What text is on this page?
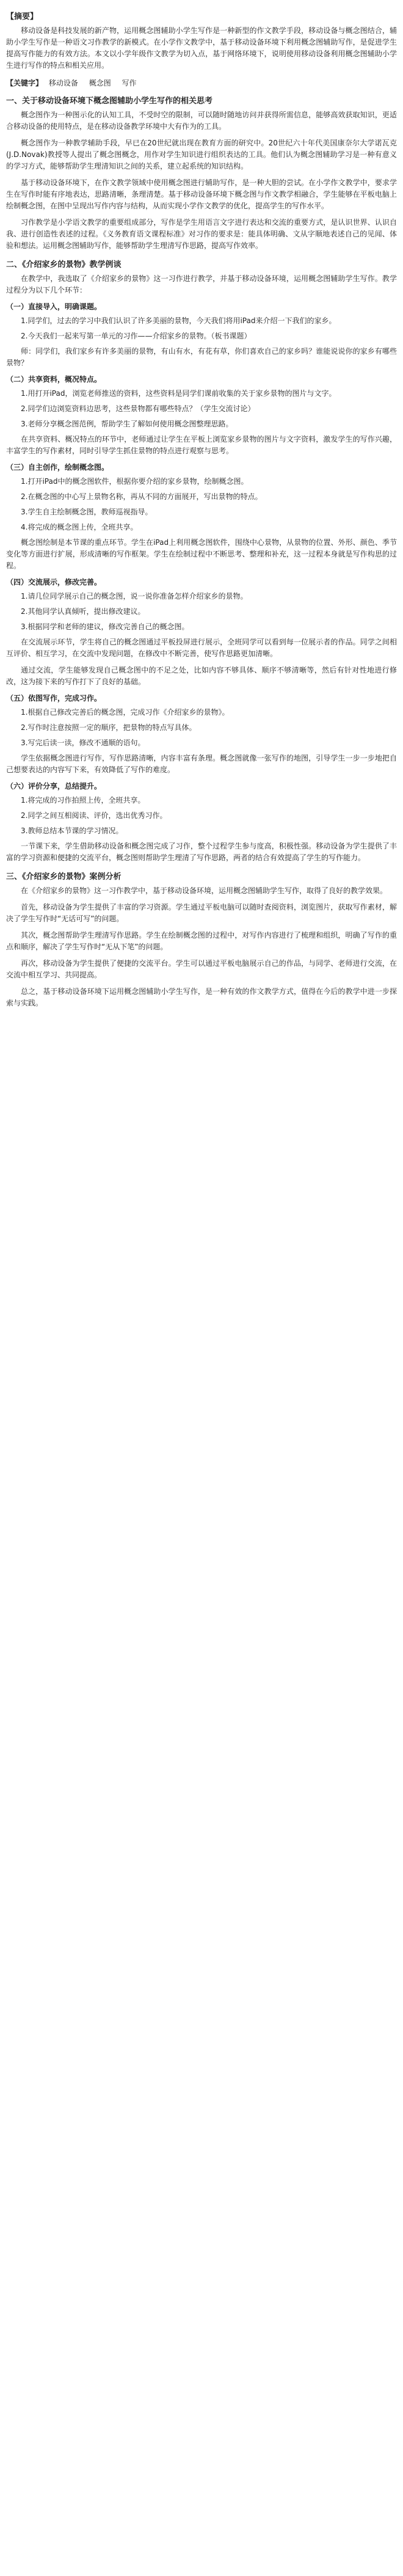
【摘要】

移动设备是科技发展的新产物，运用概念图辅助小学生写作是一种新型的作文教学手段，移动设备与概念图结合，辅助小学生写作是一种语文习作教学的新模式。在小学作文教学中，基于移动设备环境下利用概念图辅助写作，是促进学生提高写作能力的有效方法。本文以小学年级作文教学为切入点，基于网络环境下，说明使用移动设备利用概念图辅助小学生进行写作的特点和相关应用。

【关键字】 移动设备 概念图 写作
一、关于移动设备环境下概念图辅助小学生写作的相关思考

概念图作为一种图示化的认知工具，不受时空的限制，可以随时随地访问并获得所需信息，能够高效获取知识，更适合移动设备的使用特点，是在移动设备教学环境中大有作为的工具。

概念图作为一种教学辅助手段，早已在20世纪就出现在教育方面的研究中。20世纪六十年代美国康奈尔大学诺瓦克(J.D.Novak)教授等人提出了概念图概念，用作对学生知识进行组织表达的工具。他们认为概念图辅助学习是一种有意义的学习方式，能够帮助学生理清知识之间的关系，建立起系统的知识结构。

基于移动设备环境下，在作文教学领域中使用概念图进行辅助写作，是一种大胆的尝试。在小学作文教学中，要求学生在写作时能有序地表达，思路清晰，条理清楚。基于移动设备环境下概念图与作文教学相融合，学生能够在平板电脑上绘制概念图，在图中呈现出写作内容与结构，从而实现小学作文教学的优化，提高学生的写作水平。

习作教学是小学语文教学的重要组成部分，写作是学生用语言文字进行表达和交流的重要方式，是认识世界、认识自我、进行创造性表述的过程。《义务教育语文课程标准》对习作的要求是：能具体明确、文从字顺地表述自己的见闻、体验和想法。运用概念图辅助写作，能够帮助学生理清写作思路，提高写作效率。

二、《介绍家乡的景物》教学例谈

在教学中，我选取了《介绍家乡的景物》这一习作进行教学，并基于移动设备环境，运用概念图辅助学生写作。教学过程分为以下几个环节：

（一）直接导入，明确课题。
1.同学们，过去的学习中我们认识了许多美丽的景物，今天我们将用iPad来介绍一下我们的家乡。
2.今天我们一起来写第一单元的习作——介绍家乡的景物。（板书课题）

师：同学们，我们家乡有许多美丽的景物，有山有水，有花有草，你们喜欢自己的家乡吗？谁能说说你的家乡有哪些景物？

（二）共享资料，概况特点。
1.用打开iPad，浏览老师推送的资料，这些资料是同学们课前收集的关于家乡景物的图片与文字。
2.同学们边浏览资料边思考，这些景物都有哪些特点？（学生交流讨论）
3.老师分享概念图范例，帮助学生了解如何使用概念图整理思路。

在共享资料、概况特点的环节中，老师通过让学生在平板上浏览家乡景物的图片与文字资料，激发学生的写作兴趣，丰富学生的写作素材，同时引导学生抓住景物的特点进行观察与思考。

（三）自主创作，绘制概念图。
1.打开iPad中的概念图软件，根据你要介绍的家乡景物，绘制概念图。
2.在概念图的中心写上景物名称，再从不同的方面展开，写出景物的特点。
3.学生自主绘制概念图，教师巡视指导。
4.将完成的概念图上传，全班共享。

概念图绘制是本节课的重点环节。学生在iPad上利用概念图软件，围绕中心景物，从景物的位置、外形、颜色、季节变化等方面进行扩展，形成清晰的写作框架。学生在绘制过程中不断思考、整理和补充，这一过程本身就是写作构思的过程。

（四）交流展示，修改完善。
1.请几位同学展示自己的概念图，说一说你准备怎样介绍家乡的景物。
2.其他同学认真倾听，提出修改建议。
3.根据同学和老师的建议，修改完善自己的概念图。

在交流展示环节，学生将自己的概念图通过平板投屏进行展示，全班同学可以看到每一位展示者的作品。同学之间相互评价、相互学习，在交流中发现问题，在修改中不断完善，使写作思路更加清晰。

通过交流，学生能够发现自己概念图中的不足之处，比如内容不够具体、顺序不够清晰等，然后有针对性地进行修改，这为接下来的写作打下了良好的基础。

（五）依图写作，完成习作。
1.根据自己修改完善后的概念图，完成习作《介绍家乡的景物》。
2.写作时注意按照一定的顺序，把景物的特点写具体。
3.写完后读一读，修改不通顺的语句。

学生依据概念图进行写作，写作思路清晰，内容丰富有条理。概念图就像一张写作的地图，引导学生一步一步地把自己想要表达的内容写下来，有效降低了写作的难度。

（六）评价分享，总结提升。
1.将完成的习作拍照上传，全班共享。
2.同学之间互相阅读、评价，选出优秀习作。
3.教师总结本节课的学习情况。

一节课下来，学生借助移动设备和概念图完成了习作，整个过程学生参与度高，积极性强。移动设备为学生提供了丰富的学习资源和便捷的交流平台，概念图则帮助学生理清了写作思路，两者的结合有效提高了学生的写作能力。

三、《介绍家乡的景物》案例分析

在《介绍家乡的景物》这一习作教学中，基于移动设备环境，运用概念图辅助学生写作，取得了良好的教学效果。

首先，移动设备为学生提供了丰富的学习资源。学生通过平板电脑可以随时查阅资料，浏览图片，获取写作素材，解决了学生写作时“无话可写”的问题。

其次，概念图帮助学生理清写作思路。学生在绘制概念图的过程中，对写作内容进行了梳理和组织，明确了写作的重点和顺序，解决了学生写作时“无从下笔”的问题。

再次，移动设备为学生提供了便捷的交流平台。学生可以通过平板电脑展示自己的作品，与同学、老师进行交流，在交流中相互学习、共同提高。

总之，基于移动设备环境下运用概念图辅助小学生写作，是一种有效的作文教学方式，值得在今后的教学中进一步探索与实践。
